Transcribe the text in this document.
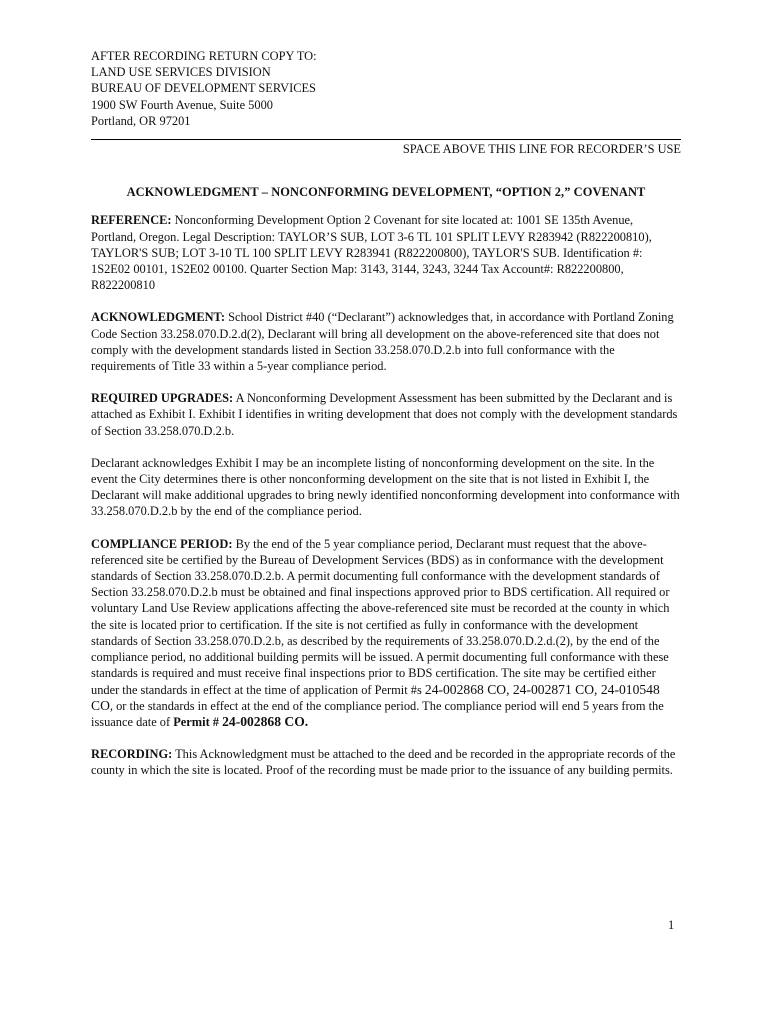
AFTER RECORDING RETURN COPY TO:

LAND USE SERVICES DIVISION

BUREAU OF DEVELOPMENT SERVICES

1900 SW Fourth Avenue, Suite 5000

Portland, OR 97201

SPACE ABOVE THIS LINE FOR RECORDER’S USE

ACKNOWLEDGMENT – NONCONFORMING DEVELOPMENT, “OPTION 2,” COVENANT

REFERENCE: Nonconforming Development Option 2 Covenant for site located at: 1001 SE 135th Avenue, Portland, Oregon. Legal Description: TAYLOR’S SUB, LOT 3-6 TL 101 SPLIT LEVY R283942 (R822200810), TAYLOR'S SUB; LOT 3-10 TL 100 SPLIT LEVY R283941 (R822200800), TAYLOR'S SUB. Identification #: 1S2E02 00101, 1S2E02 00100. Quarter Section Map: 3143, 3144, 3243, 3244 Tax Account#: R822200800, R822200810

ACKNOWLEDGMENT: School District #40 (“Declarant”) acknowledges that, in accordance with Portland Zoning Code Section 33.258.070.D.2.d(2), Declarant will bring all development on the above-referenced site that does not comply with the development standards listed in Section 33.258.070.D.2.b into full conformance with the requirements of Title 33 within a 5-year compliance period.

REQUIRED UPGRADES: A Nonconforming Development Assessment has been submitted by the Declarant and is attached as Exhibit I. Exhibit I identifies in writing development that does not comply with the development standards of Section 33.258.070.D.2.b.

Declarant acknowledges Exhibit I may be an incomplete listing of nonconforming development on the site. In the event the City determines there is other nonconforming development on the site that is not listed in Exhibit I, the Declarant will make additional upgrades to bring newly identified nonconforming development into conformance with 33.258.070.D.2.b by the end of the compliance period.

COMPLIANCE PERIOD: By the end of the 5 year compliance period, Declarant must request that the above-referenced site be certified by the Bureau of Development Services (BDS) as in conformance with the development standards of Section 33.258.070.D.2.b. A permit documenting full conformance with the development standards of Section 33.258.070.D.2.b must be obtained and final inspections approved prior to BDS certification. All required or voluntary Land Use Review applications affecting the above-referenced site must be recorded at the county in which the site is located prior to certification. If the site is not certified as fully in conformance with the development standards of Section 33.258.070.D.2.b, as described by the requirements of 33.258.070.D.2.d.(2), by the end of the compliance period, no additional building permits will be issued. A permit documenting full conformance with these standards is required and must receive final inspections prior to BDS certification. The site may be certified either under the standards in effect at the time of application of Permit #s 24-002868 CO, 24-002871 CO, 24-010548 CO, or the standards in effect at the end of the compliance period. The compliance period will end 5 years from the issuance date of Permit # 24-002868 CO.

RECORDING: This Acknowledgment must be attached to the deed and be recorded in the appropriate records of the county in which the site is located. Proof of the recording must be made prior to the issuance of any building permits.

1
